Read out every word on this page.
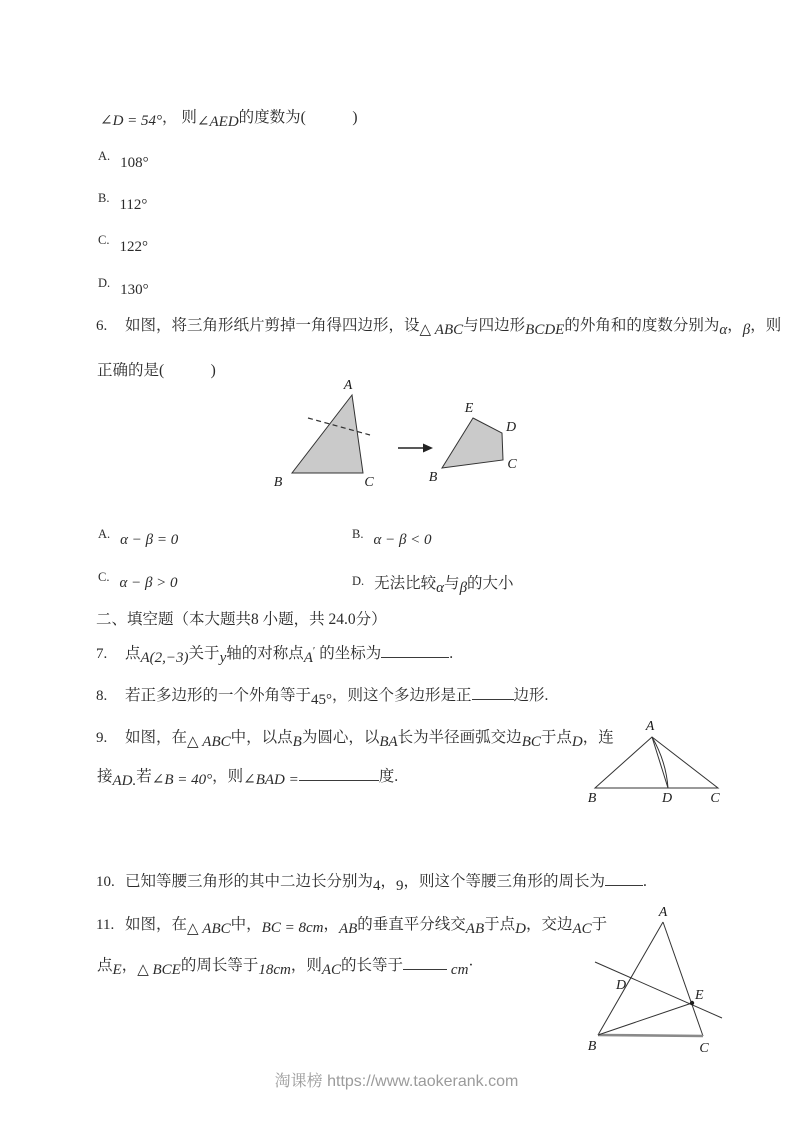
∠D = 54°， 则∠AED的度数为(　　　)
A. 108°
B. 112°
C. 122°
D. 130°
6. 如图，将三角形纸片剪掉一角得四边形，设△ ABC与四边形BCDE的外角和的度数分别为α，β，则
正确的是(　　　)
A
B	C
E
D
C
B
A. α − β = 0	B. α − β < 0
C. α − β > 0	D. 无法比较α与β的大小
二、填空题（本大题共8 小题，共 24.0分）
7. 点A(2,−3)关于y轴的对称点A′ 的坐标为	.
8. 若正多边形的一个外角等于45°，则这个多边形是正	边形.
9. 如图，在△ ABC中，以点B为圆心，以BA长为半径画弧交边BC于点D，连
接AD.若∠B = 40°，则∠BAD =	度.
A
B	D	C
10. 已知等腰三角形的其中二边长分别为4，9，则这个等腰三角形的周长为 .
11. 如图，在△ ABC中，BC = 8cm，AB的垂直平分线交AB于点D，交边AC于
点E，△ BCE的周长等于18cm，则AC的长等于	cm·
A
B	C
D
E
淘课榜 https://www.taokerank.com
